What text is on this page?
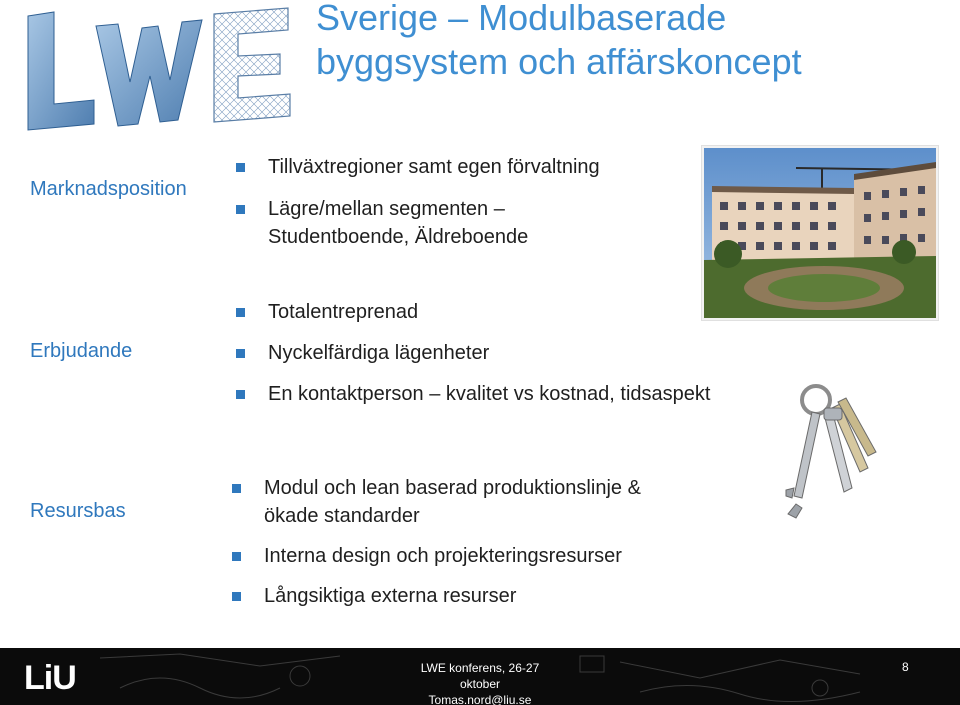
Sverige – Modulbaserade
byggsystem och affärskoncept
Marknadsposition
Tillväxtregioner samt egen förvaltning
Lägre/mellan segmenten –
Studentboende, Äldreboende
Erbjudande
Totalentreprenad
Nyckelfärdiga lägenheter
En kontaktperson – kvalitet vs kostnad, tidsaspekt
Resursbas
Modul och lean baserad produktionslinje &
ökade standarder
Interna design och projekteringsresurser
Långsiktiga externa resurser
LiU	LWE konferens, 26-27 oktober
Tomas.nord@liu.se
8
